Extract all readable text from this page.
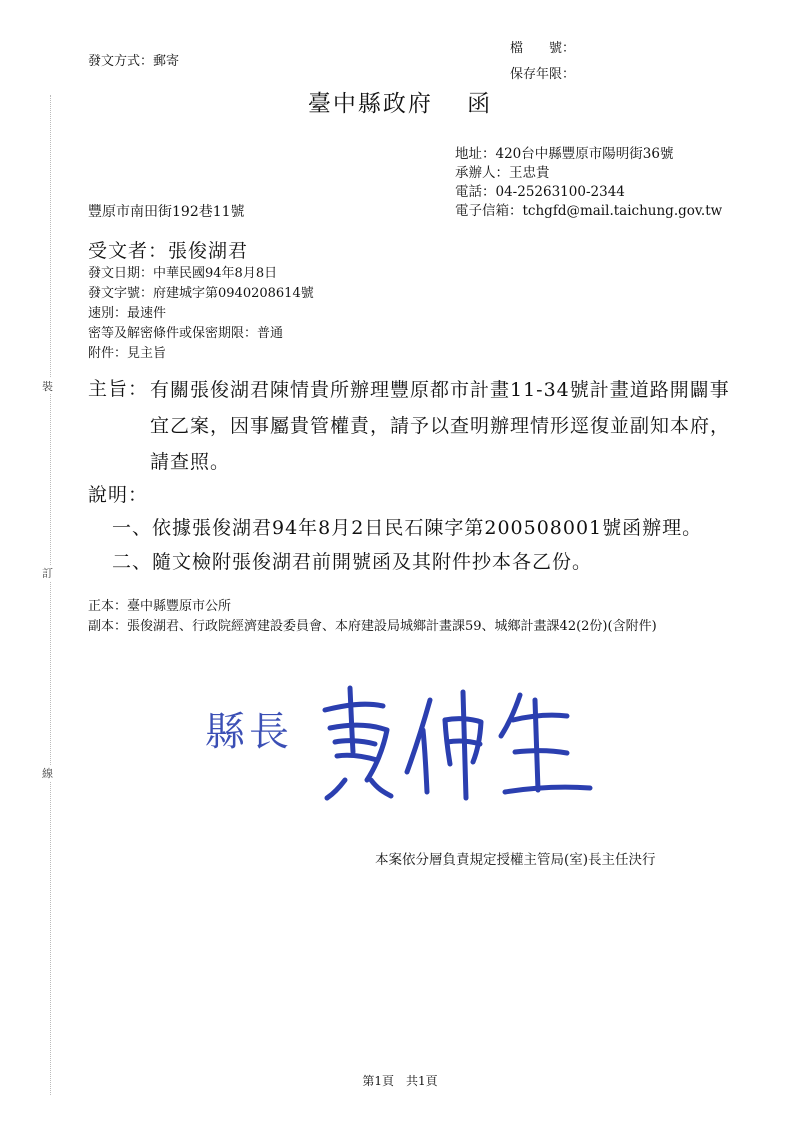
裝
訂
線
發文方式：郵寄
檔　　號：
保存年限：
臺中縣政府　 函
地址：420台中縣豐原市陽明街36號
承辦人：王忠貴
電話：04-25263100-2344
電子信箱：tchgfd@mail.taichung.gov.tw
豐原市南田街192巷11號
受文者：張俊湖君
發文日期：中華民國94年8月8日
發文字號：府建城字第0940208614號
速別：最速件
密等及解密條件或保密期限：普通
附件：見主旨
主旨： 有關張俊湖君陳情貴所辦理豐原都市計畫11-34號計畫道路開闢事宜乙案，因事屬貴管權責，請予以查明辦理情形逕復並副知本府，請查照。
說明：
一、依據張俊湖君94年8月2日民石陳字第200508001號函辦理。
二、隨文檢附張俊湖君前開號函及其附件抄本各乙份。
正本：臺中縣豐原市公所
副本：張俊湖君、行政院經濟建設委員會、本府建設局城鄉計畫課59、城鄉計畫課42(2份)(含附件)
縣長
本案依分層負責規定授權主管局(室)長主任決行
第1頁　共1頁
